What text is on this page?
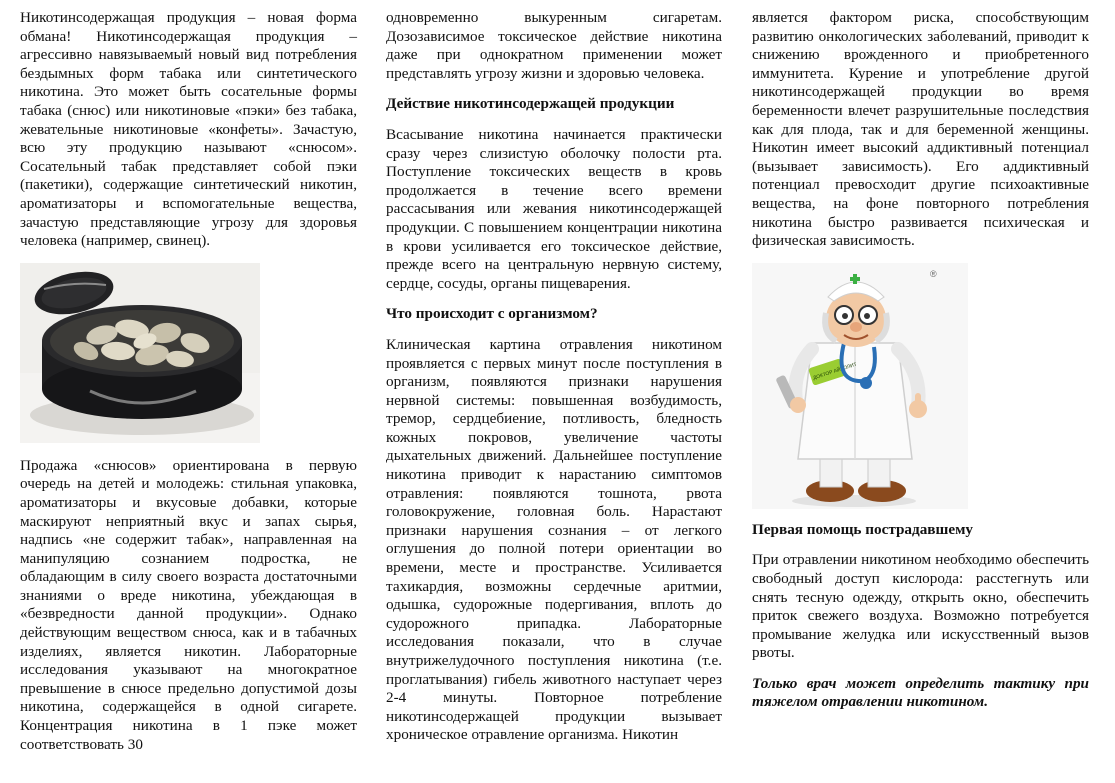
Никотинсодержащая продукция – новая форма обмана! Никотинсодержащая продукция – агрессивно навязываемый новый вид потребления бездымных форм табака или синтетического никотина. Это может быть сосательные формы табака (снюс) или никотиновые «пэки» без табака, жевательные никотиновые «конфеты». Зачастую, всю эту продукцию называют «снюсом». Сосательный табак представляет собой пэки (пакетики), содержащие синтетический никотин, ароматизаторы и вспомогательные вещества, зачастую представляющие угрозу для здоровья человека (например, свинец).

Продажа «снюсов» ориентирована в первую очередь на детей и молодежь: стильная упаковка, ароматизаторы и вкусовые добавки, которые маскируют неприятный вкус и запах сырья, надпись «не содержит табак», направленная на манипуляцию сознанием подростка, не обладающим в силу своего возраста достаточными знаниями о вреде никотина, убеждающая в «безвредности данной продукции». Однако действующим веществом снюса, как и в табачных изделиях, является никотин. Лабораторные исследования указывают на многократное превышение в снюсе предельно допустимой дозы никотина, содержащейся в одной сигарете. Концентрация никотина в 1 пэке может соответствовать 30

одновременно выкуренным сигаретам. Дозозависимое токсическое действие никотина даже при однократном применении может представлять угрозу жизни и здоровью человека.

Действие никотинсодержащей продукции

Всасывание никотина начинается практически сразу через слизистую оболочку полости рта. Поступление токсических веществ в кровь продолжается в течение всего времени рассасывания или жевания никотинсодержащей продукции. С повышением концентрации никотина в крови усиливается его токсическое действие, прежде всего на центральную нервную систему, сердце, сосуды, органы пищеварения.

Что происходит с организмом?

Клиническая картина отравления никотином проявляется с первых минут после поступления в организм, появляются признаки нарушения нервной системы: повышенная возбудимость, тремор, сердцебиение, потливость, бледность кожных покровов, увеличение частоты дыхательных движений. Дальнейшее поступление никотина приводит к нарастанию симптомов отравления: появляются тошнота, рвота головокружение, головная боль. Нарастают признаки нарушения сознания – от легкого оглушения до полной потери ориентации во времени, месте и пространстве. Усиливается тахикардия, возможны сердечные аритмии, одышка, судорожные подергивания, вплоть до судорожного припадка. Лабораторные исследования показали, что в случае внутрижелудочного поступления никотина (т.е. проглатывания) гибель животного наступает через 2-4 минуты. Повторное потребление никотинсодержащей продукции вызывает хроническое отравление организма. Никотин

является фактором риска, способствующим развитию онкологических заболеваний, приводит к снижению врожденного и приобретенного иммунитета. Курение и употребление другой никотинсодержащей продукции во время беременности влечет разрушительные последствия как для плода, так и для беременной женщины. Никотин имеет высокий аддиктивный потенциал (вызывает зависимость). Его аддиктивный потенциал превосходит другие психоактивные вещества, на фоне повторного потребления никотина быстро развивается психическая и физическая зависимость.

®
ДОКТОР АЙБОЛИТ
Первая помощь пострадавшему

При отравлении никотином необходимо обеспечить свободный доступ кислорода: расстегнуть или снять тесную одежду, открыть окно, обеспечить приток свежего воздуха. Возможно потребуется промывание желудка или искусственный вызов рвоты.

Только врач может определить тактику при тяжелом отравлении никотином.
